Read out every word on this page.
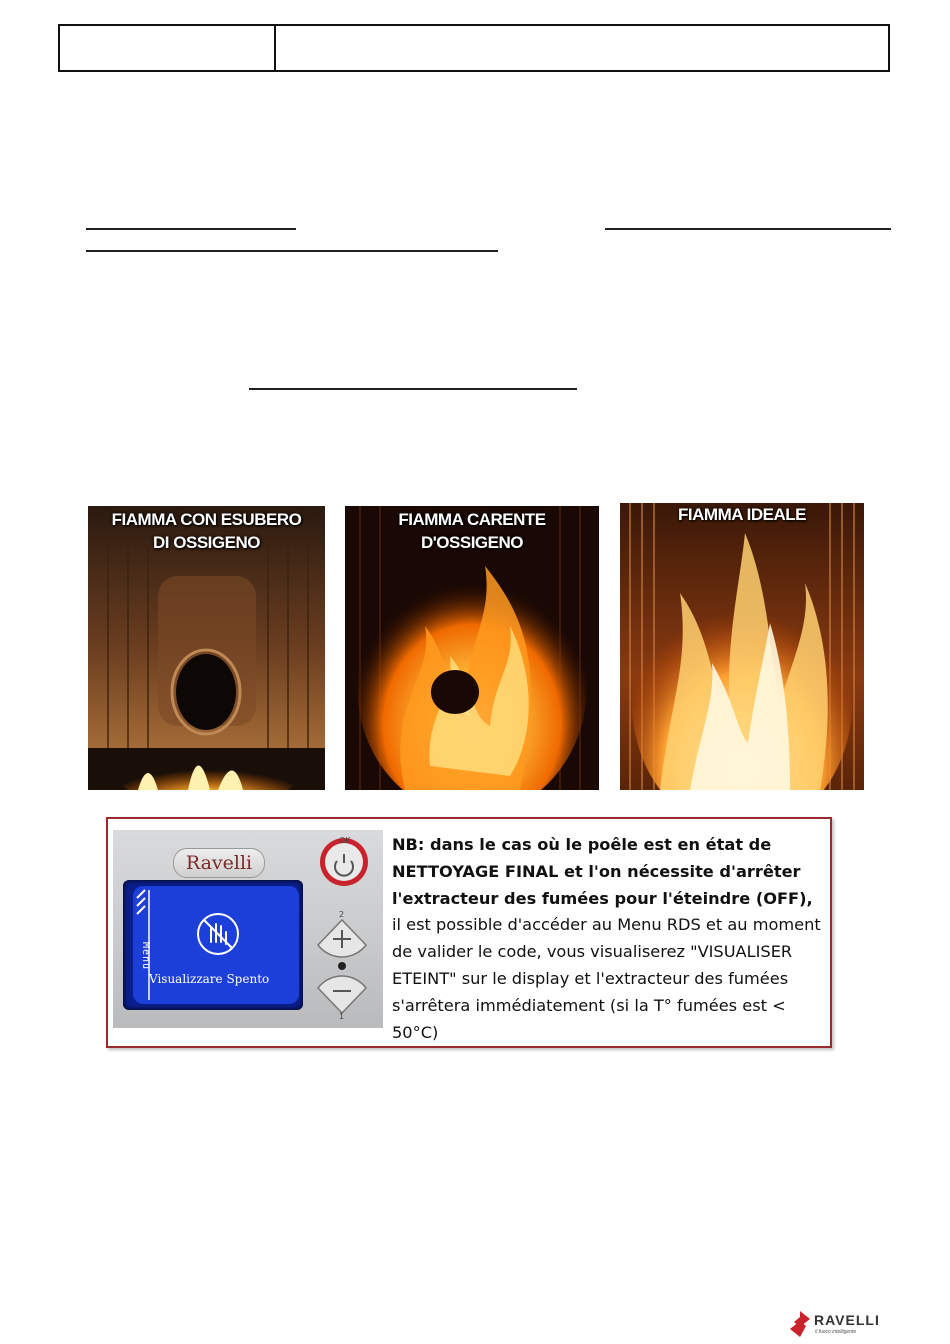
FIAMMA CON ESUBERO
DI OSSIGENO
FIAMMA CARENTE
D'OSSIGENO
FIAMMA IDEALE
Ravelli
Menu
Visualizzare Spento
OK
2
1
NB: dans le cas où le poêle est en état de NETTOYAGE FINAL et l'on nécessite d'arrêter l'extracteur des fumées pour l'éteindre (OFF), il est possible d'accéder au Menu RDS et au moment de valider le code, vous visualiserez "VISUALISER ETEINT" sur le display et l'extracteur des fumées s'arrêtera immédiatement (si la T° fumées est < 50°C)
RAVELLI
il fuoco intelligente
